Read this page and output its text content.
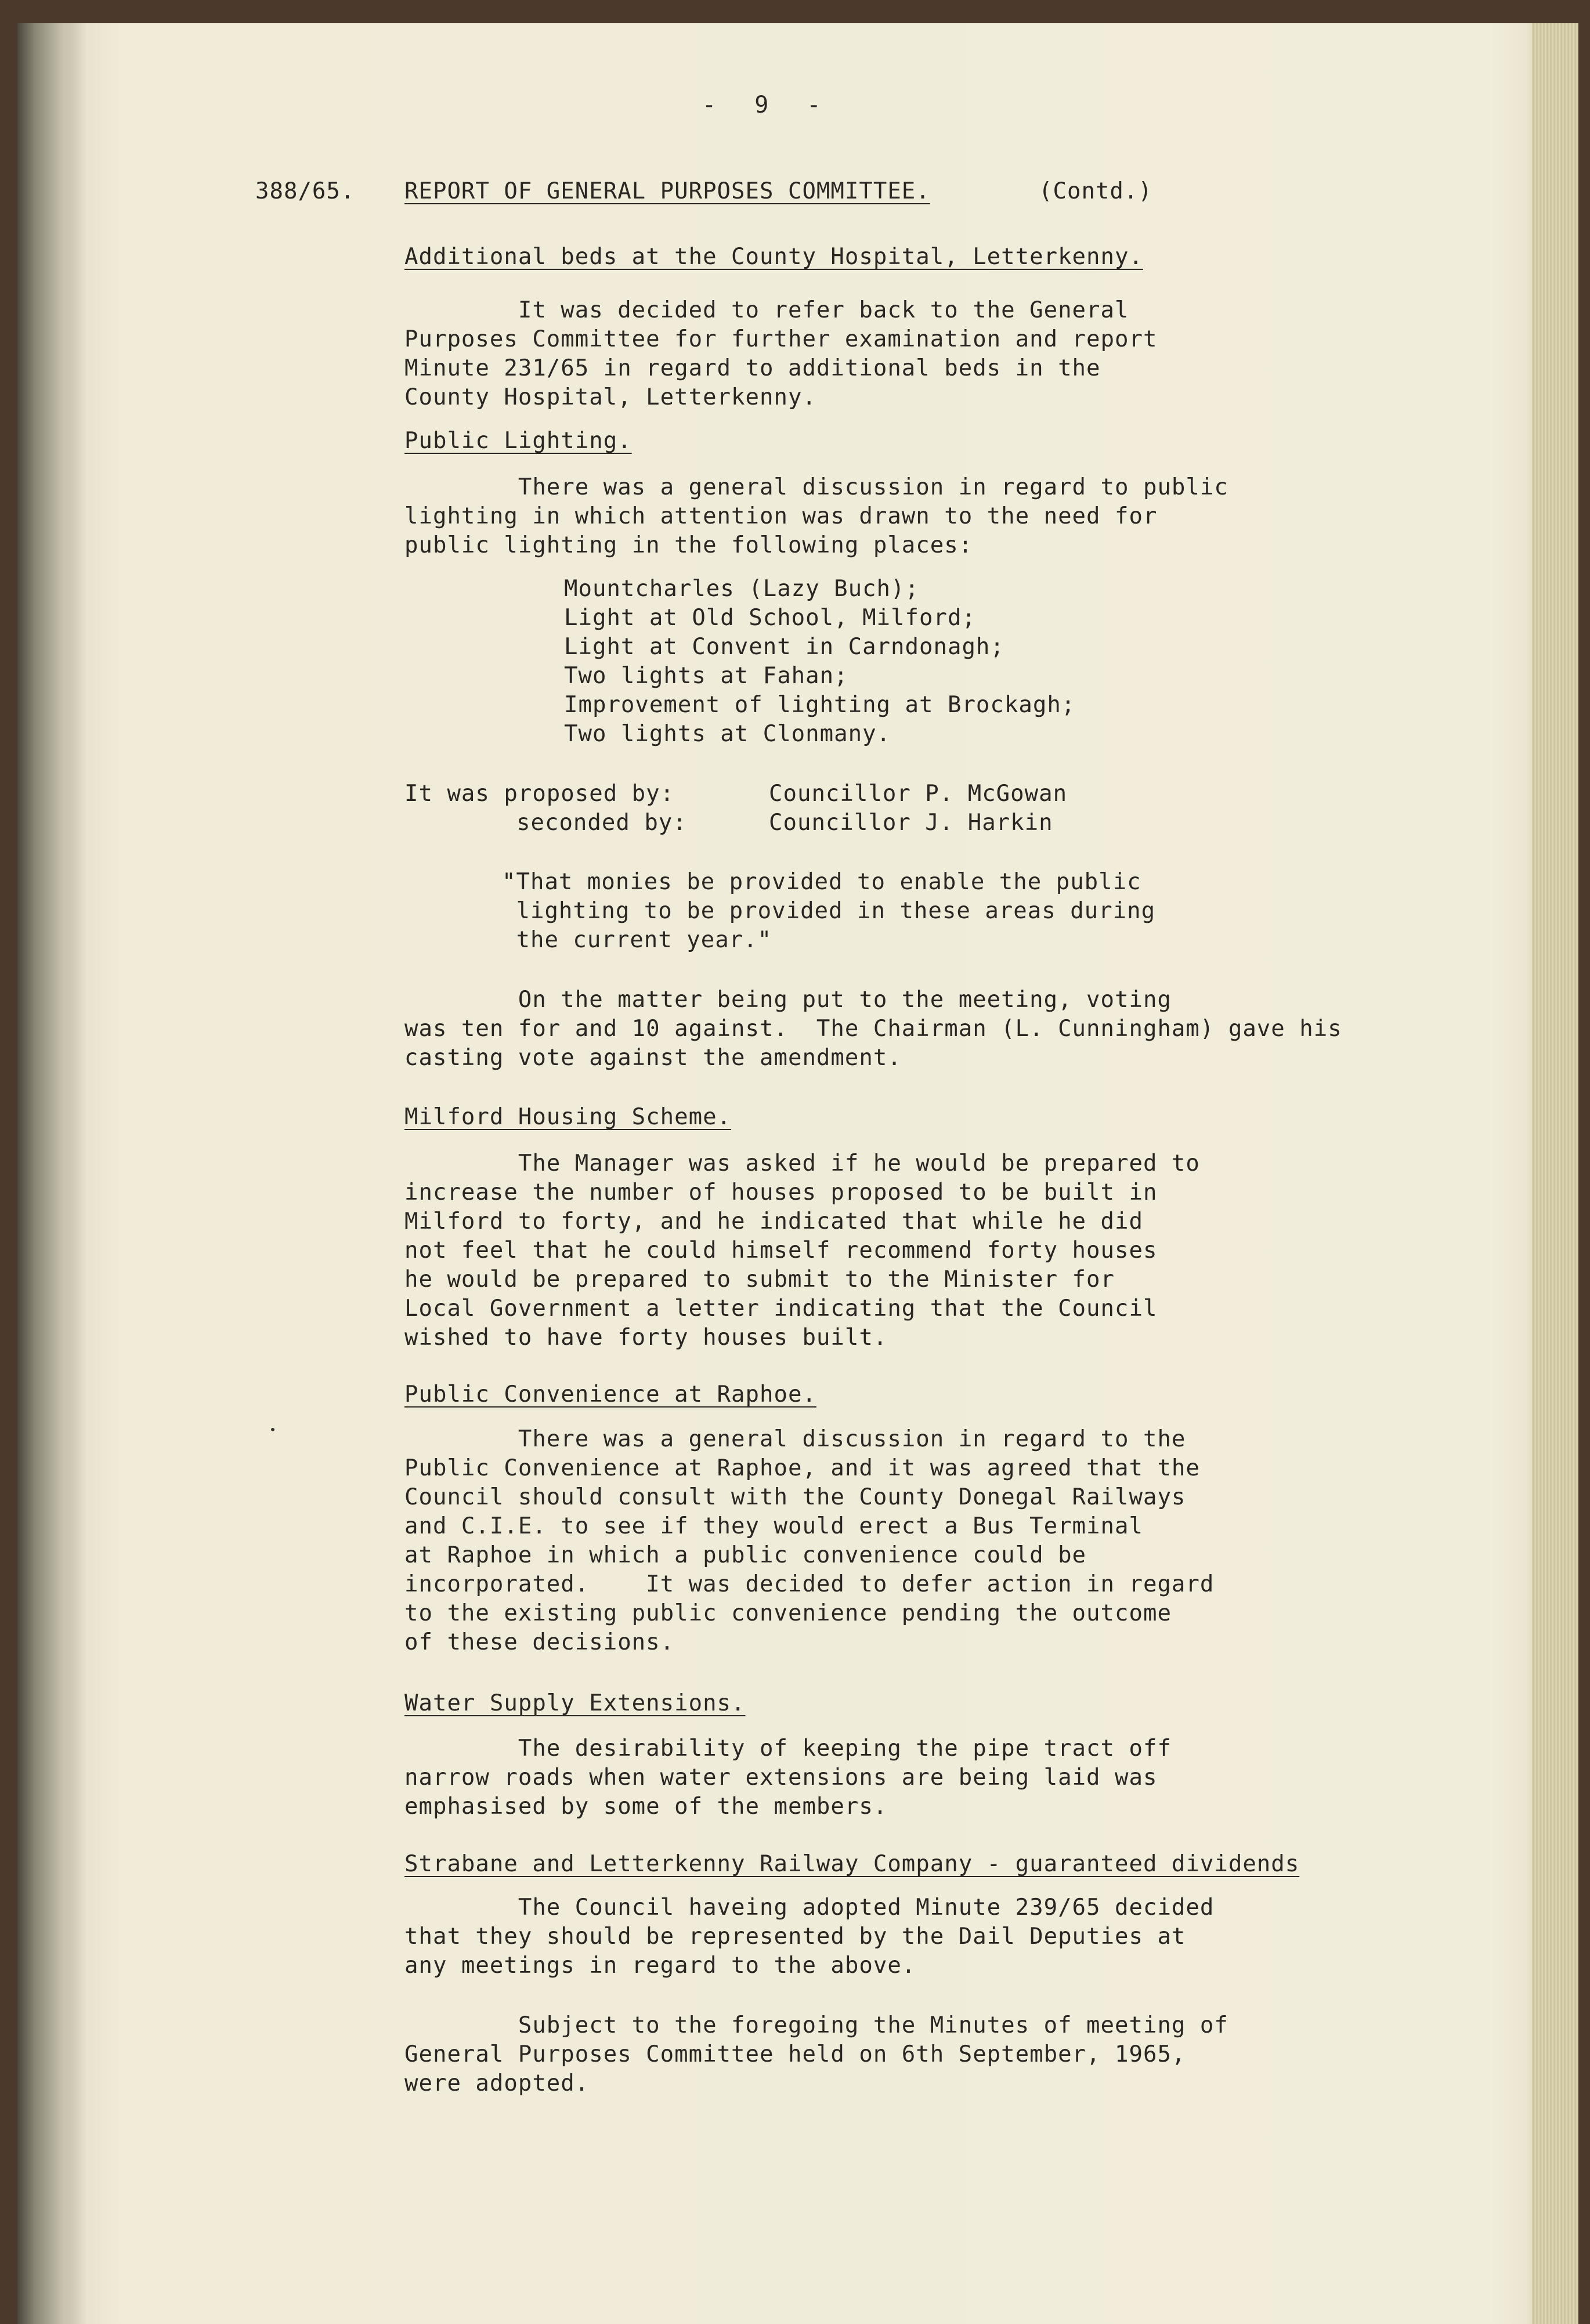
-  9  -
388/65. REPORT OF GENERAL PURPOSES COMMITTEE.	(Contd.)
Additional beds at the County Hospital, Letterkenny.
It was decided to refer back to the General
Purposes Committee for further examination and report
Minute 231/65 in regard to additional beds in the
County Hospital, Letterkenny.
Public Lighting.
There was a general discussion in regard to public
lighting in which attention was drawn to the need for
public lighting in the following places:
Mountcharles (Lazy Buch);
Light at Old School, Milford;
Light at Convent in Carndonagh;
Two lights at Fahan;
Improvement of lighting at Brockagh;
Two lights at Clonmany.
It was proposed by:	Councillor P. McGowan
seconded by:	Councillor J. Harkin
"That monies be provided to enable the public
lighting to be provided in these areas during
the current year."
On the matter being put to the meeting, voting
was ten for and 10 against.  The Chairman (L. Cunningham) gave his
casting vote against the amendment.
Milford Housing Scheme.
The Manager was asked if he would be prepared to
increase the number of houses proposed to be built in
Milford to forty, and he indicated that while he did
not feel that he could himself recommend forty houses
he would be prepared to submit to the Minister for
Local Government a letter indicating that the Council
wished to have forty houses built.
Public Convenience at Raphoe.
There was a general discussion in regard to the
Public Convenience at Raphoe, and it was agreed that the
Council should consult with the County Donegal Railways
and C.I.E. to see if they would erect a Bus Terminal
at Raphoe in which a public convenience could be
incorporated.    It was decided to defer action in regard
to the existing public convenience pending the outcome
of these decisions.
Water Supply Extensions.
The desirability of keeping the pipe tract off
narrow roads when water extensions are being laid was
emphasised by some of the members.
Strabane and Letterkenny Railway Company - guaranteed dividends
The Council haveing adopted Minute 239/65 decided
that they should be represented by the Dail Deputies at
any meetings in regard to the above.
Subject to the foregoing the Minutes of meeting of
General Purposes Committee held on 6th September, 1965,
were adopted.
